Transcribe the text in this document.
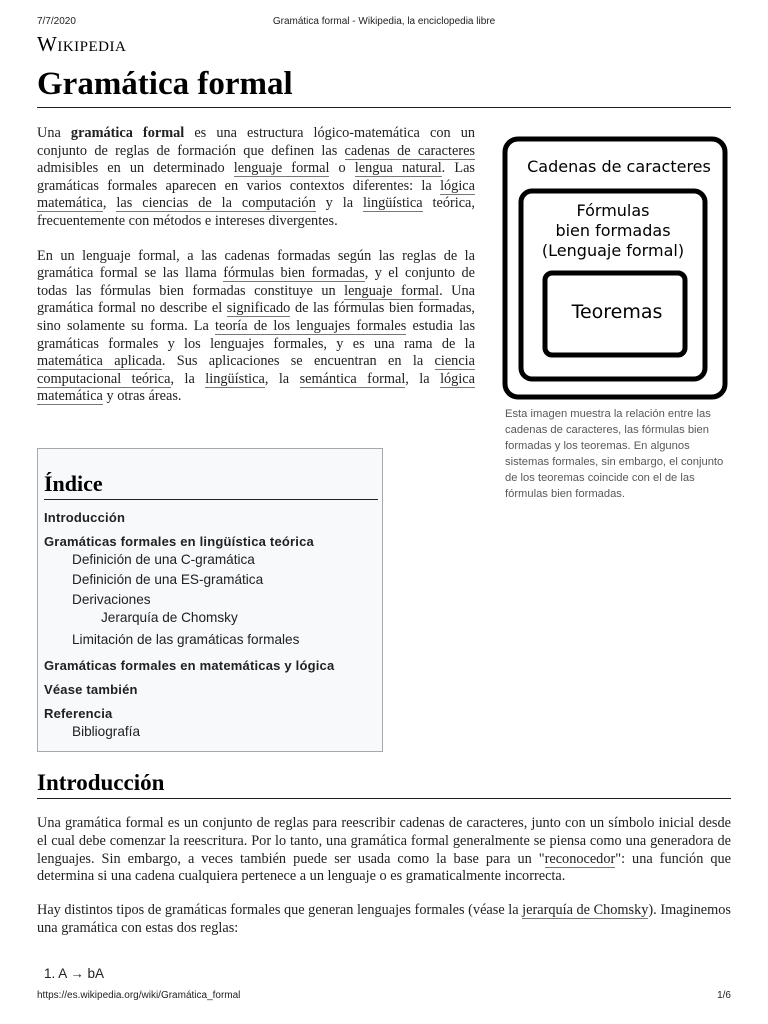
7/7/2020	Gramática formal - Wikipedia, la enciclopedia libre
Wikipedia
Gramática formal

Una gramática formal es una estructura lógico-matemática con un conjunto de reglas de formación que definen las cadenas de caracteres admisibles en un determinado lenguaje formal o lengua natural. Las gramáticas formales aparecen en varios contextos diferentes: la lógica matemática, las ciencias de la computación y la lingüística teórica, frecuentemente con métodos e intereses divergentes.

En un lenguaje formal, a las cadenas formadas según las reglas de la gramática formal se las llama fórmulas bien formadas, y el conjunto de todas las fórmulas bien formadas constituye un lenguaje formal. Una gramática formal no describe el significado de las fórmulas bien formadas, sino solamente su forma. La teoría de los lenguajes formales estudia las gramáticas formales y los lenguajes formales, y es una rama de la matemática aplicada. Sus aplicaciones se encuentran en la ciencia computacional teórica, la lingüística, la semántica formal, la lógica matemática y otras áreas.

Cadenas de caracteres
Fórmulas
bien formadas
(Lenguaje formal)
Teoremas
Esta imagen muestra la relación entre las cadenas de caracteres, las fórmulas bien formadas y los teoremas. En algunos sistemas formales, sin embargo, el conjunto de los teoremas coincide con el de las fórmulas bien formadas.
Índice
Introducción
Gramáticas formales en lingüística teórica
Definición de una C-gramática
Definición de una ES-gramática
Derivaciones
Jerarquía de Chomsky
Limitación de las gramáticas formales
Gramáticas formales en matemáticas y lógica
Véase también
Referencia
Bibliografía
Introducción

Una gramática formal es un conjunto de reglas para reescribir cadenas de caracteres, junto con un símbolo inicial desde el cual debe comenzar la reescritura. Por lo tanto, una gramática formal generalmente se piensa como una generadora de lenguajes. Sin embargo, a veces también puede ser usada como la base para un "reconocedor": una función que determina si una cadena cualquiera pertenece a un lenguaje o es gramaticalmente incorrecta.

Hay distintos tipos de gramáticas formales que generan lenguajes formales (véase la jerarquía de Chomsky). Imaginemos una gramática con estas dos reglas:

1. A → bA
https://es.wikipedia.org/wiki/Gramática_formal	1/6
